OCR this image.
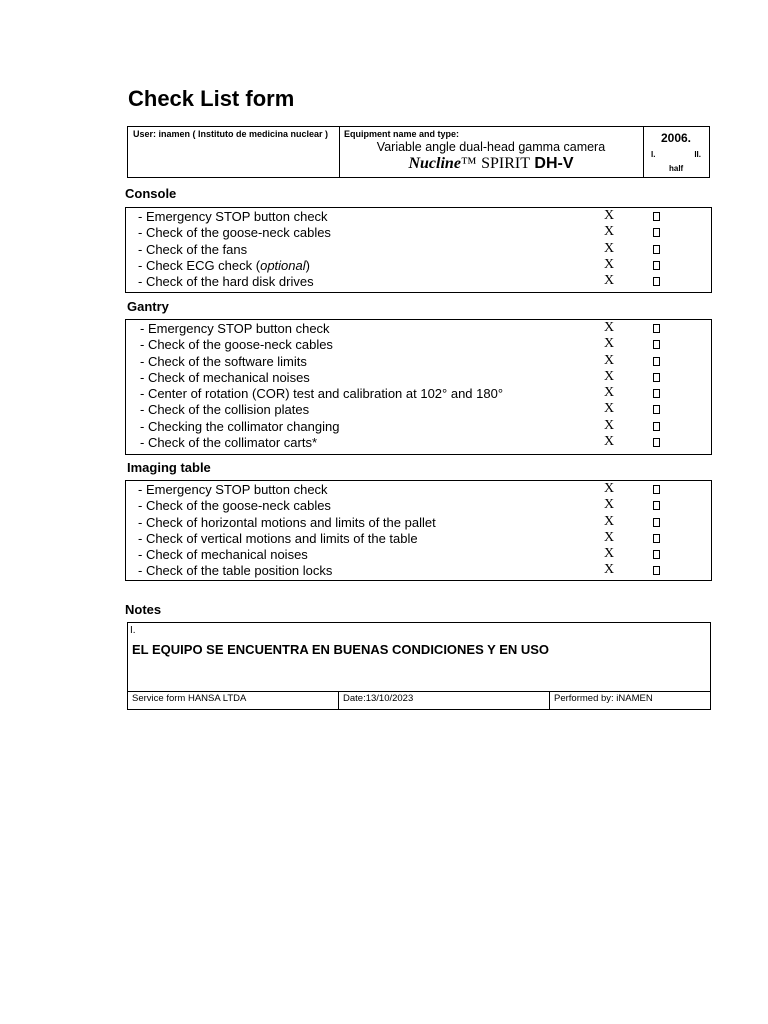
Check List form
User: inamen ( Instituto de medicina nuclear )	Equipment name and type:
Variable angle dual-head gamma camera
Nucline™ SPIRIT DH-V
2006.
I.	II.
half
Console
- Emergency STOP button check	X
- Check of the goose-neck cables	X
- Check of the fans	X
- Check ECG check (optional)	X
- Check of the hard disk drives	X
Gantry
- Emergency STOP button check	X
- Check of the goose-neck cables	X
- Check of the software limits	X
- Check of mechanical noises	X
- Center of rotation (COR) test and calibration at 102° and 180°	X
- Check of the collision plates	X
- Checking the collimator changing	X
- Check of the collimator carts*	X
Imaging table
- Emergency STOP button check	X
- Check of the goose-neck cables	X
- Check of horizontal motions and limits of the pallet	X
- Check of vertical motions and limits of the table	X
- Check of mechanical noises	X
- Check of the table position locks	X
Notes
I.
EL EQUIPO SE ENCUENTRA EN BUENAS CONDICIONES Y EN USO
Service form HANSA LTDA	Date:13/10/2023	Performed by: iNAMEN
